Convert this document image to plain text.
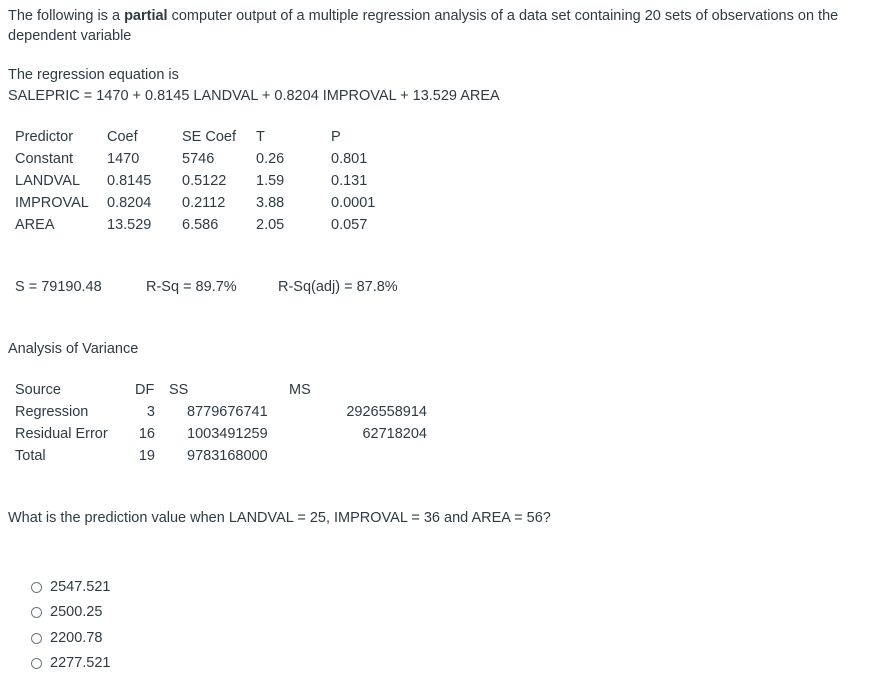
The following is a partial computer output of a multiple regression analysis of a data set containing 20 sets of observations on the dependent variable
The regression equation is
SALEPRIC = 1470 + 0.8145 LANDVAL + 0.8204 IMPROVAL + 13.529 AREA
Predictor Coef	SE Coef T	P
Constant 1470	5746	0.26	0.801
LANDVAL 0.8145 0.5122 1.59	0.131
IMPROVAL 0.8204 0.2112 3.88	0.0001
AREA	13.529 6.586	2.05	0.057
S = 79190.48	R-Sq = 89.7%	R-Sq(adj) = 87.8%
Analysis of Variance
Source	DF SS	MS
Regression	3 8779676741	2926558914
Residual Error	16 1003491259	62718204
Total	19 9783168000
What is the prediction value when LANDVAL = 25, IMPROVAL = 36 and AREA = 56?
2547.521
2500.25
2200.78
2277.521
